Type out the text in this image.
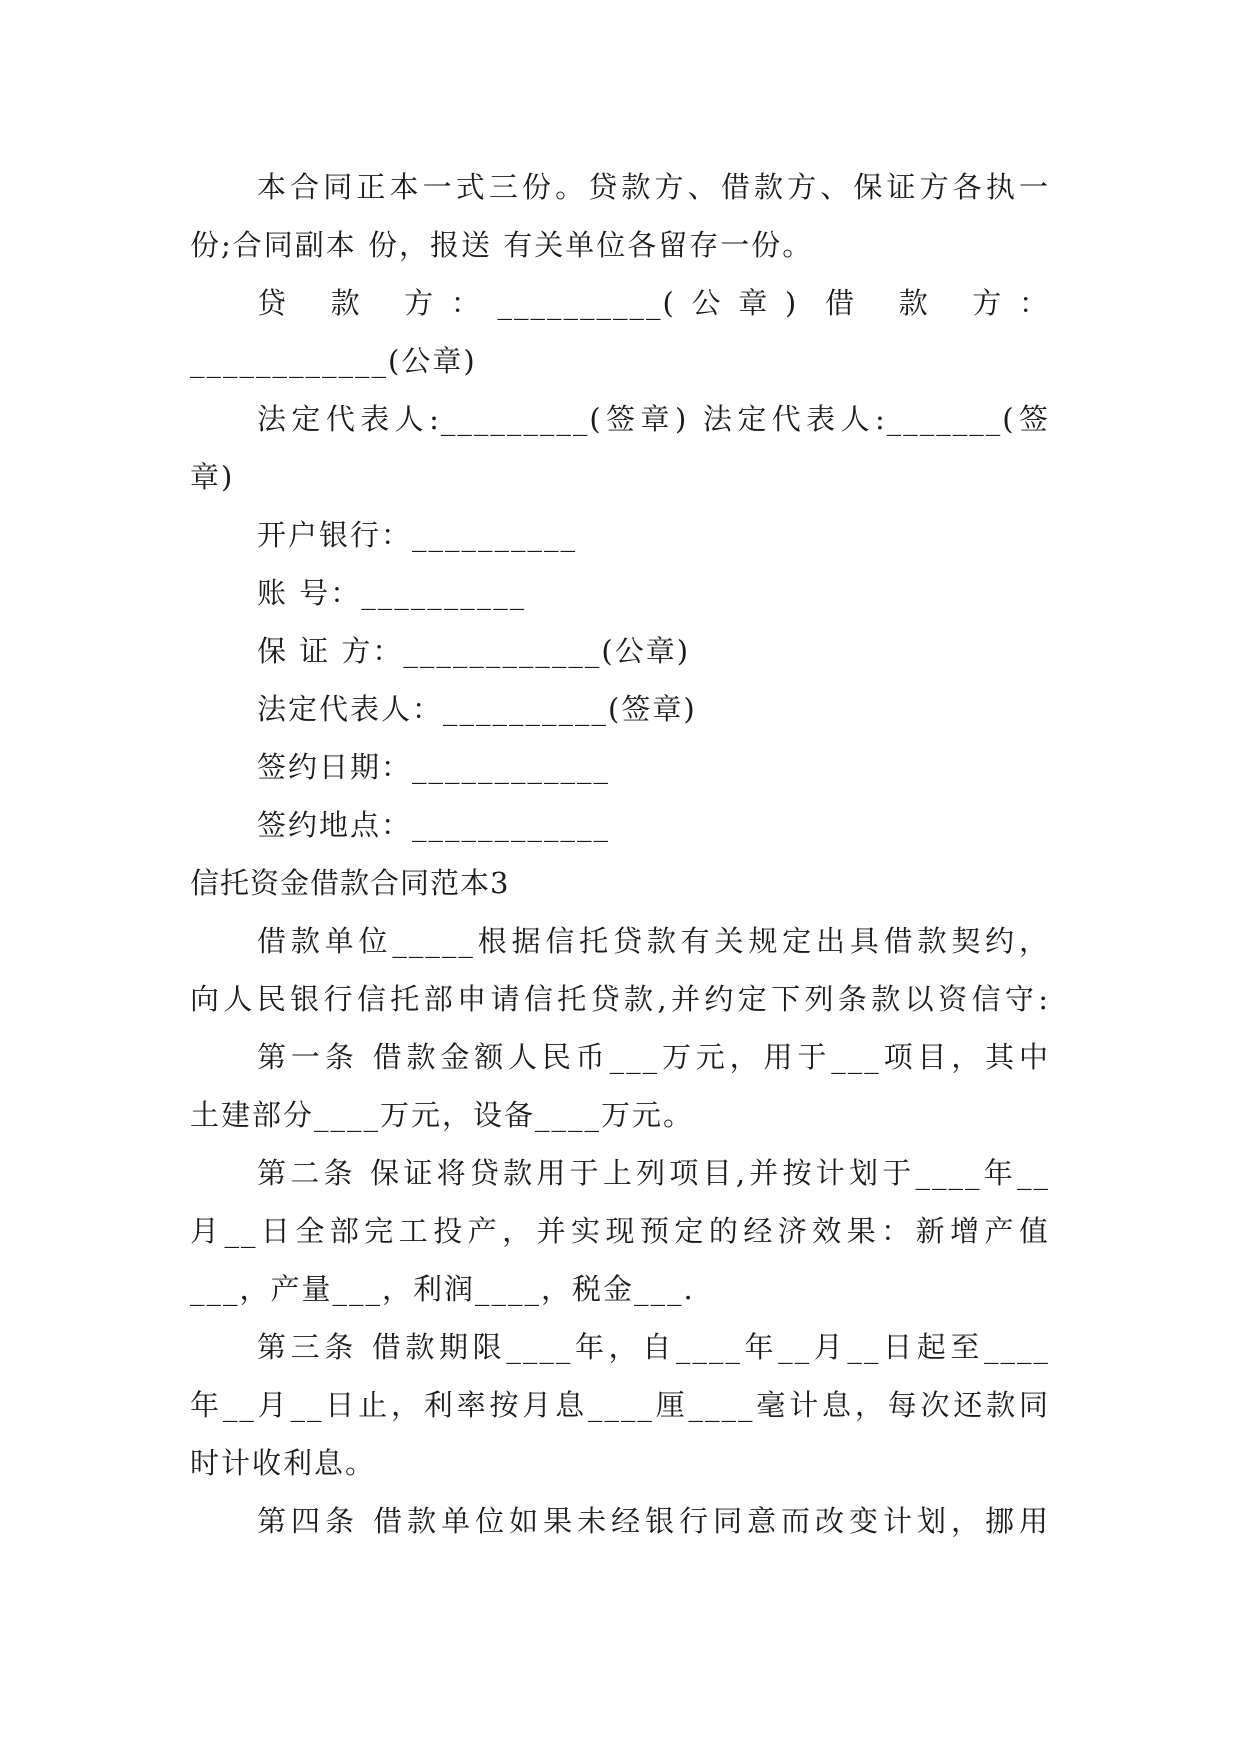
本合同正本一式三份。贷款方、借款方、保证方各执一
份;合同副本 份，报送 有关单位各留存一份。
贷 款 方：__________(公章) 借 款 方：
____________(公章)
法定代表人:_________(签章) 法定代表人:_______(签
章)
开户银行：__________
账 号：__________
保 证 方：____________(公章)
法定代表人：__________(签章)
签约日期：____________
签约地点：____________
信托资金借款合同范本3
借款单位_____根据信托贷款有关规定出具借款契约，
向人民银行信托部申请信托贷款,并约定下列条款以资信守:
第一条 借款金额人民币___万元，用于___项目，其中
土建部分____万元，设备____万元。
第二条 保证将贷款用于上列项目,并按计划于____年__
月__日全部完工投产，并实现预定的经济效果：新增产值
___，产量___，利润____，税金___.
第三条 借款期限____年，自____年__月__日起至____
年__月__日止，利率按月息____厘____毫计息，每次还款同
时计收利息。
第四条 借款单位如果未经银行同意而改变计划，挪用
